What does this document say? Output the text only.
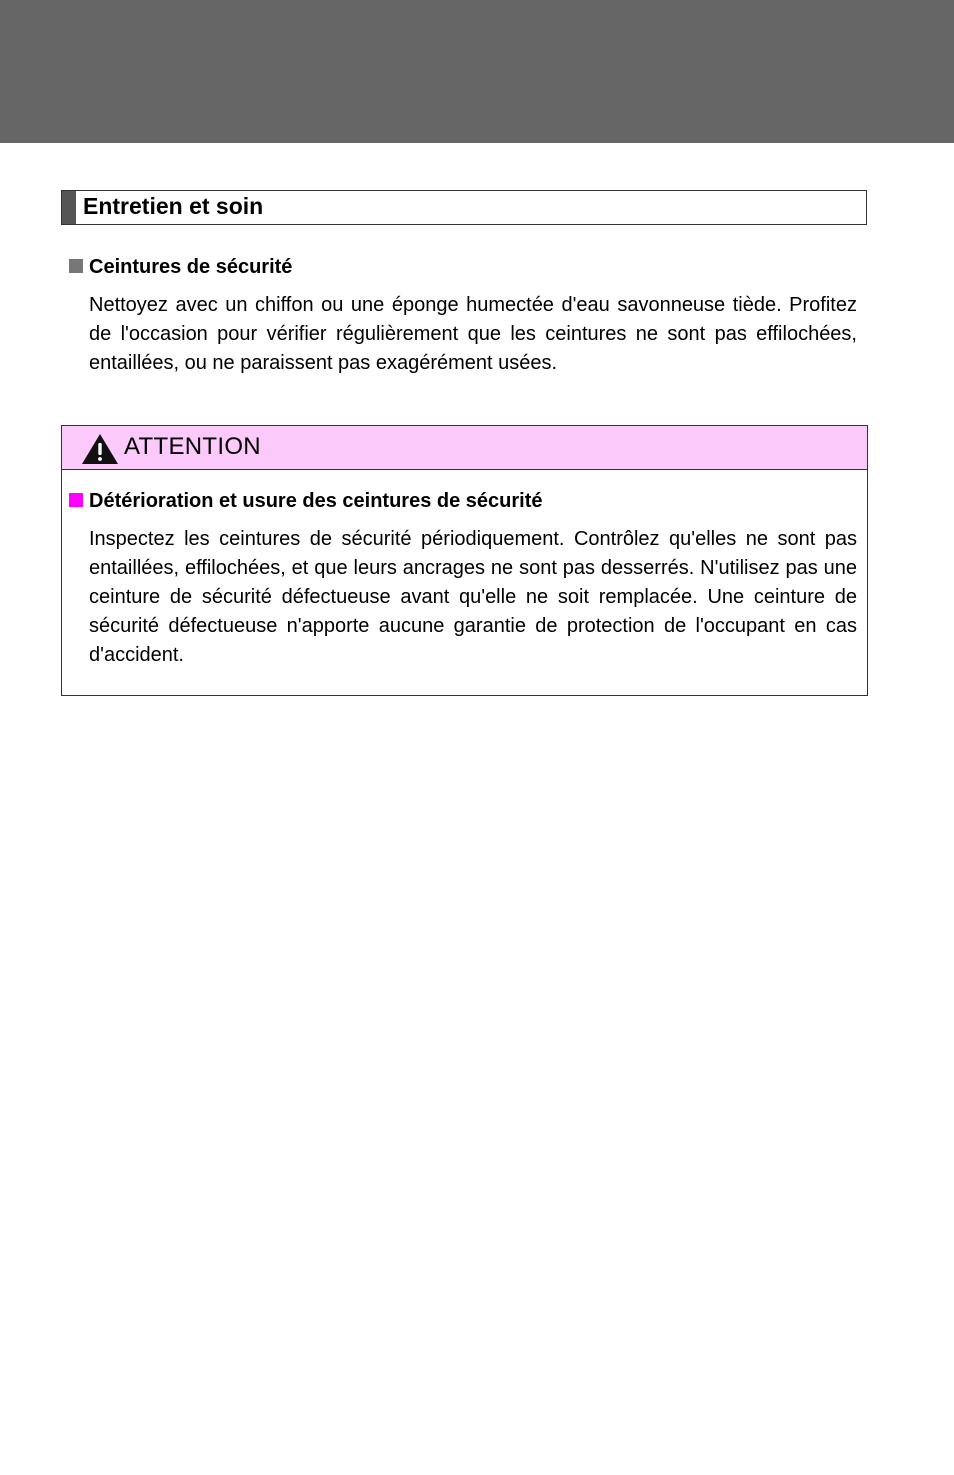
Entretien et soin
Ceintures de sécurité
Nettoyez avec un chiffon ou une éponge humectée d'eau savonneuse tiède. Profitez de l'occasion pour vérifier régulièrement que les ceintures ne sont pas effilochées, entaillées, ou ne paraissent pas exagérément usées.
ATTENTION
Détérioration et usure des ceintures de sécurité
Inspectez les ceintures de sécurité périodiquement. Contrôlez qu'elles ne sont pas entaillées, effilochées, et que leurs ancrages ne sont pas desserrés. N'utilisez pas une ceinture de sécurité défectueuse avant qu'elle ne soit remplacée. Une ceinture de sécurité défectueuse n'apporte aucune garantie de protection de l'occupant en cas d'accident.
